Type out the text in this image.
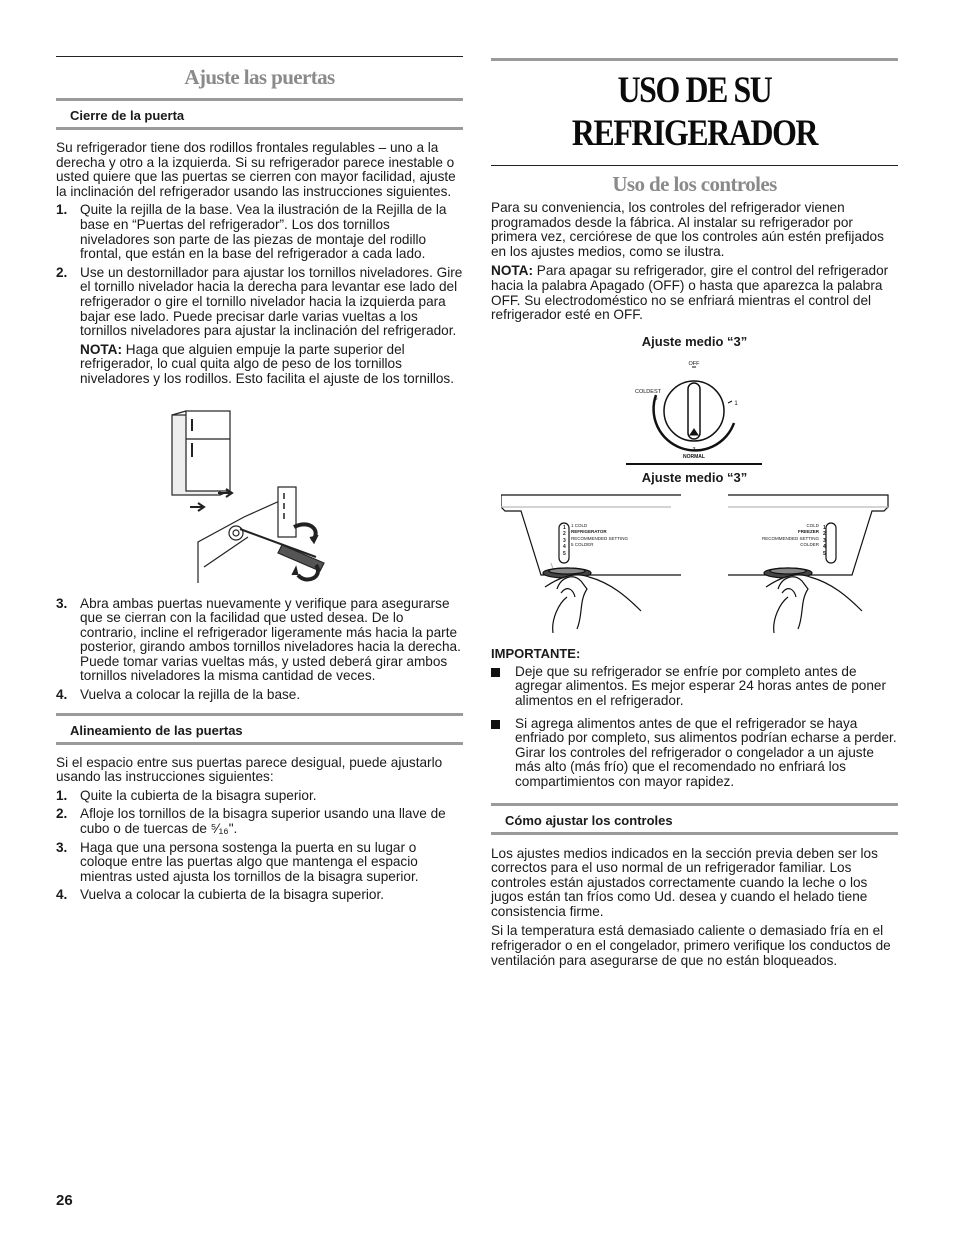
Ajuste las puertas
Cierre de la puerta

Su refrigerador tiene dos rodillos frontales regulables – uno a la derecha y otro a la izquierda. Si su refrigerador parece inestable o usted quiere que las puertas se cierren con mayor facilidad, ajuste la inclinación del refrigerador usando las instrucciones siguientes.

1. Quite la rejilla de la base. Vea la ilustración de la Rejilla de la base en “Puertas del refrigerador”. Los dos tornillos niveladores son parte de las piezas de montaje del rodillo frontal, que están en la base del refrigerador a cada lado.
2. Use un destornillador para ajustar los tornillos niveladores. Gire el tornillo nivelador hacia la derecha para levantar ese lado del refrigerador o gire el tornillo nivelador hacia la izquierda para bajar ese lado. Puede precisar darle varias vueltas a los tornillos niveladores para ajustar la inclinación del refrigerador.
NOTA: Haga que alguien empuje la parte superior del refrigerador, lo cual quita algo de peso de los tornillos niveladores y los rodillos. Esto facilita el ajuste de los tornillos.
3. Abra ambas puertas nuevamente y verifique para asegurarse que se cierran con la facilidad que usted desea. De lo contrario, incline el refrigerador ligeramente más hacia la parte posterior, girando ambos tornillos niveladores hacia la derecha. Puede tomar varias vueltas más, y usted deberá girar ambos tornillos niveladores la misma cantidad de veces.
4. Vuelva a colocar la rejilla de la base.
Alineamiento de las puertas

Si el espacio entre sus puertas parece desigual, puede ajustarlo usando las instrucciones siguientes:

1. Quite la cubierta de la bisagra superior.
2. Afloje los tornillos de la bisagra superior usando una llave de cubo o de tuercas de ⁵⁄₁₆".
3. Haga que una persona sostenga la puerta en su lugar o coloque entre las puertas algo que mantenga el espacio mientras usted ajusta los tornillos de la bisagra superior.
4. Vuelva a colocar la cubierta de la bisagra superior.
USO DE SU REFRIGERADOR
Uso de los controles

Para su conveniencia, los controles del refrigerador vienen programados desde la fábrica. Al instalar su refrigerador por primera vez, cerciórese de que los controles aún estén prefijados en los ajustes medios, como se ilustra.

NOTA: Para apagar su refrigerador, gire el control del refrigerador hacia la palabra Apagado (OFF) o hasta que aparezca la palabra OFF. Su electrodoméstico no se enfriará mientras el control del refrigerador esté en OFF.

Ajuste medio “3”
OFF
COLDEST
5
1
3
NORMAL
Ajuste medio “3”
1 COLD
REFRIGERATOR
RECOMMENDED SETTING
5 COLDER
1
2
3
4
5
COLD
FREEZER
RECOMMENDED SETTING
COLDER
1
2
3
4
5
IMPORTANTE:
Deje que su refrigerador se enfríe por completo antes de agregar alimentos. Es mejor esperar 24 horas antes de poner alimentos en el refrigerador.
Si agrega alimentos antes de que el refrigerador se haya enfriado por completo, sus alimentos podrían echarse a perder. Girar los controles del refrigerador o congelador a un ajuste más alto (más frío) que el recomendado no enfriará los compartimientos con mayor rapidez.
Cómo ajustar los controles

Los ajustes medios indicados en la sección previa deben ser los correctos para el uso normal de un refrigerador familiar. Los controles están ajustados correctamente cuando la leche o los jugos están tan fríos como Ud. desea y cuando el helado tiene consistencia firme.

Si la temperatura está demasiado caliente o demasiado fría en el refrigerador o en el congelador, primero verifique los conductos de ventilación para asegurarse de que no están bloqueados.

26
